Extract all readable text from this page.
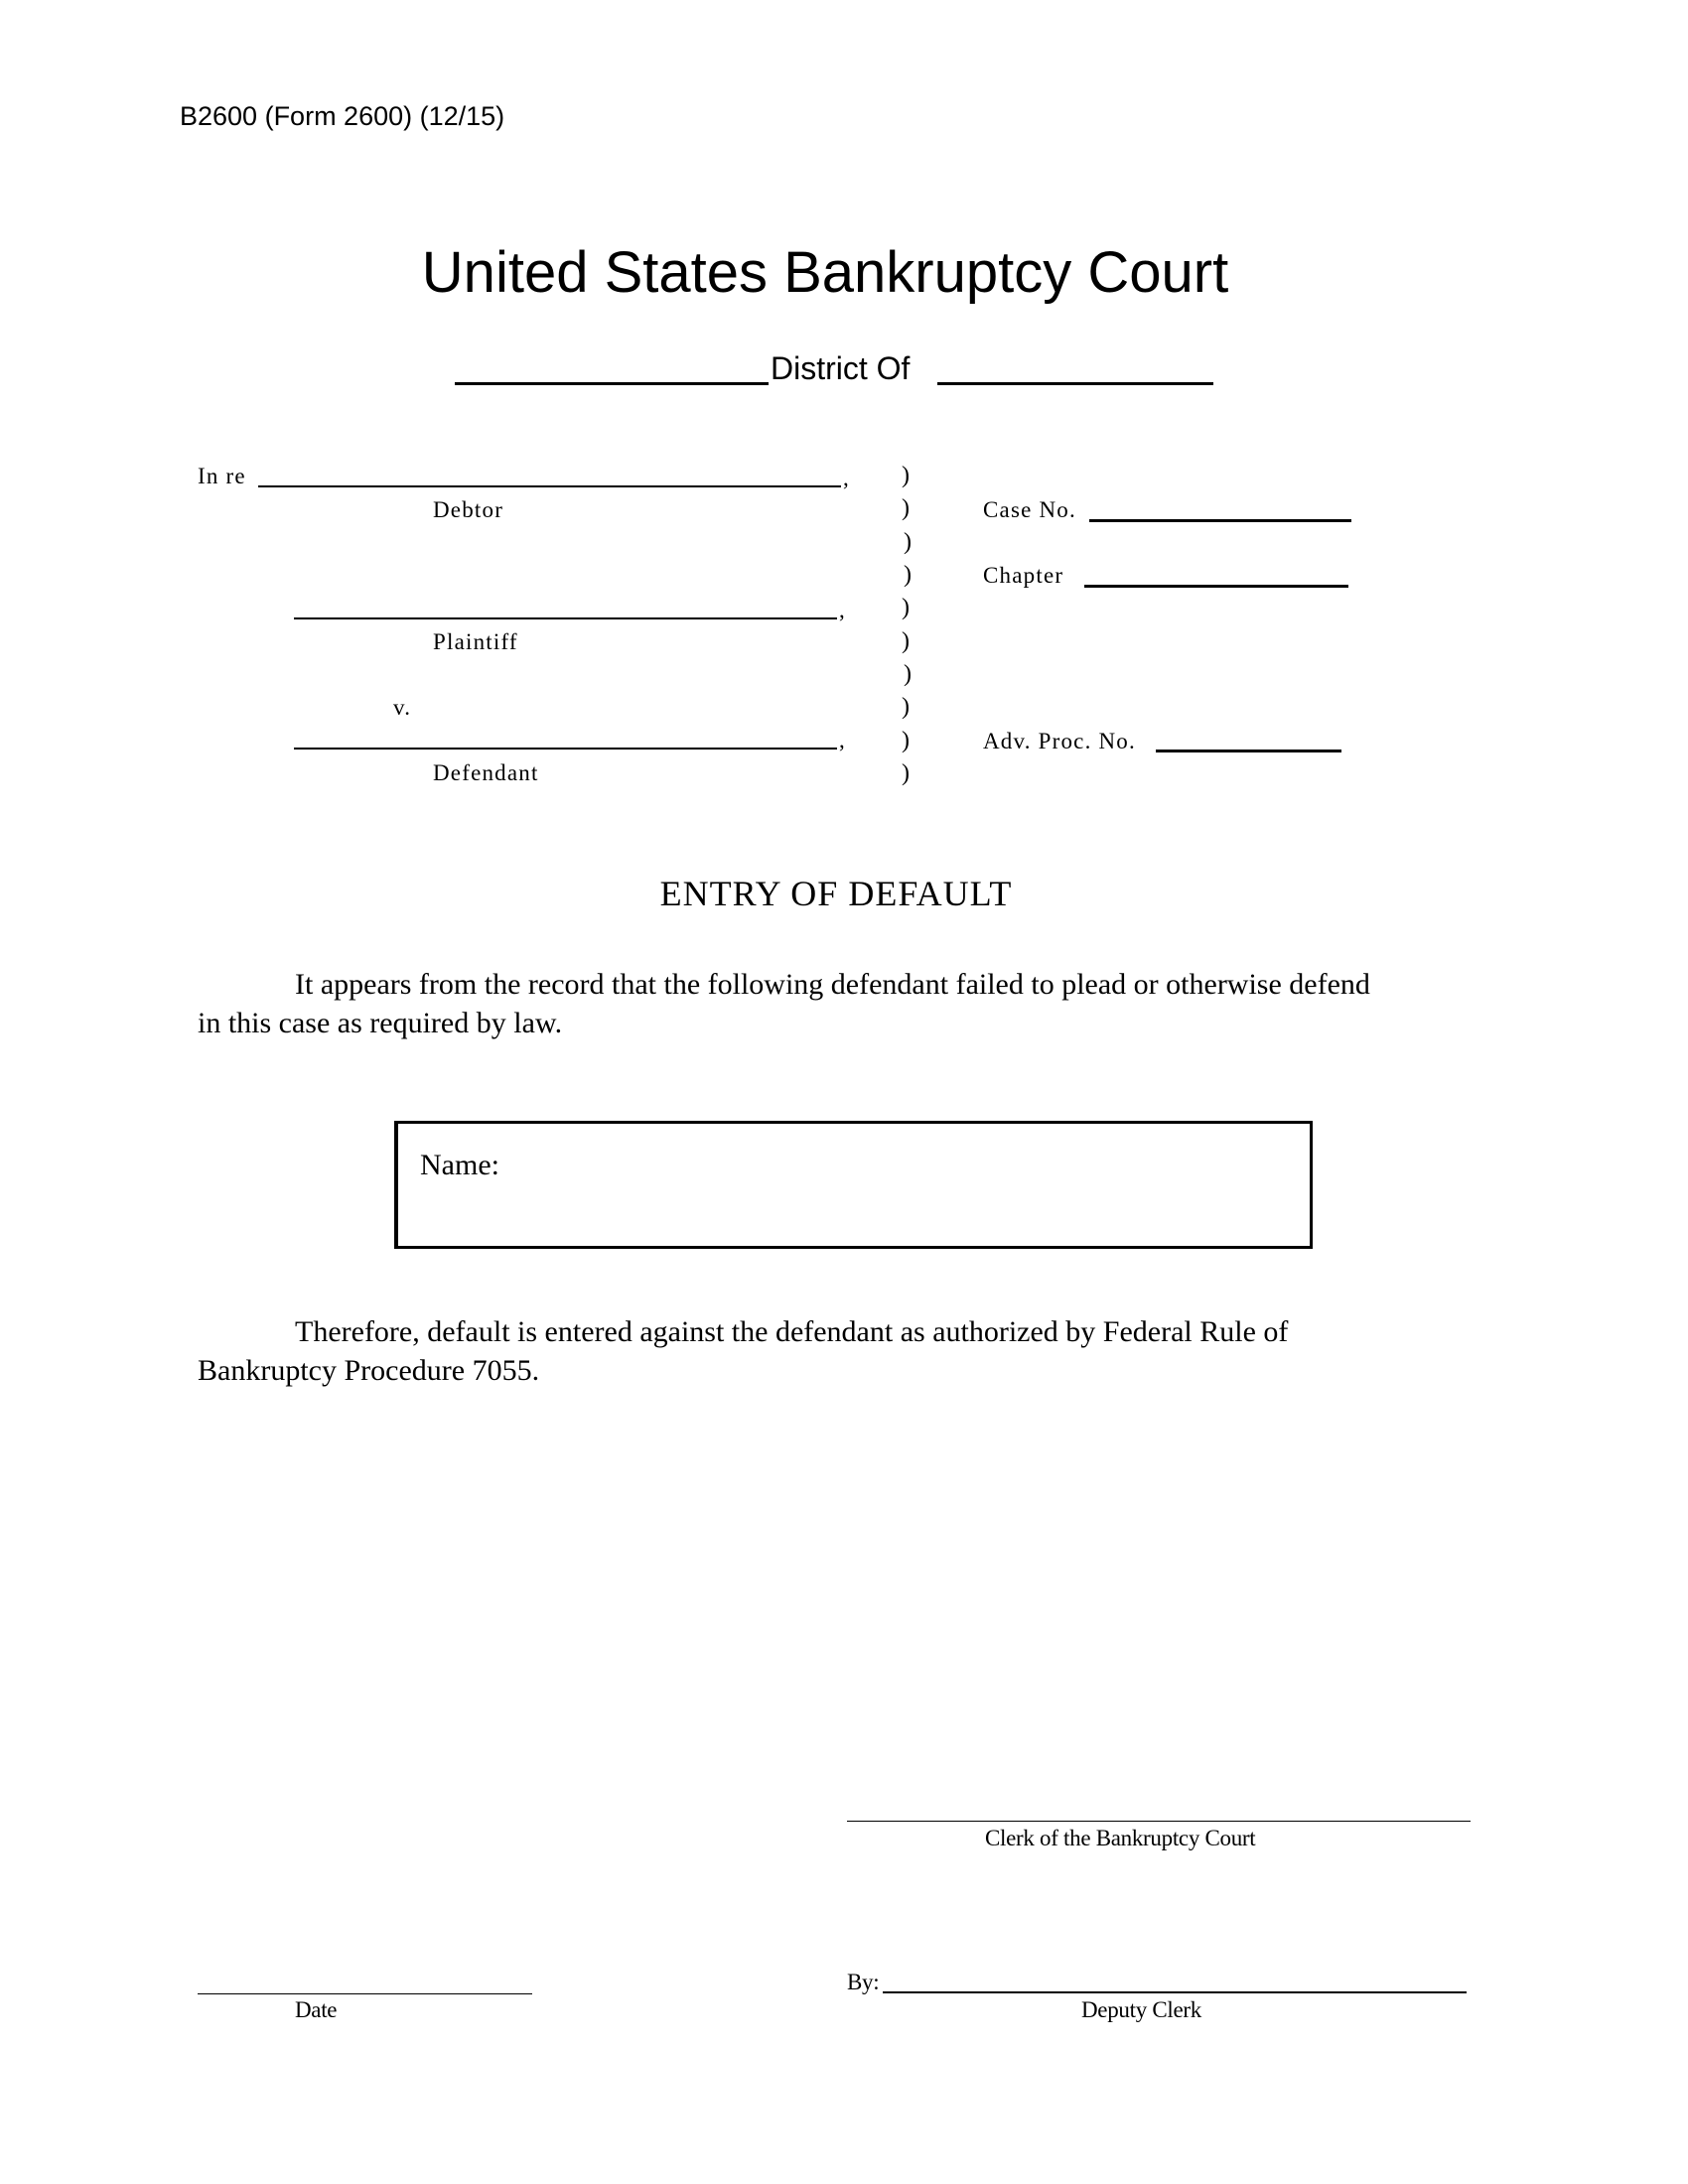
B2600 (Form 2600) (12/15)
United States Bankruptcy Court
District Of
In re	,
Debtor
,
Plaintiff
v.
,
Defendant
)
)
)
)
)
)
)
)
)
)
Case No.
Chapter
Adv. Proc. No.
ENTRY OF DEFAULT
It appears from the record that the following defendant failed to plead or otherwise defend
in this case as required by law.
Name:
Therefore, default is entered against the defendant as authorized by Federal Rule of
Bankruptcy Procedure 7055.
Clerk of the Bankruptcy Court
Date
By:
Deputy Clerk
